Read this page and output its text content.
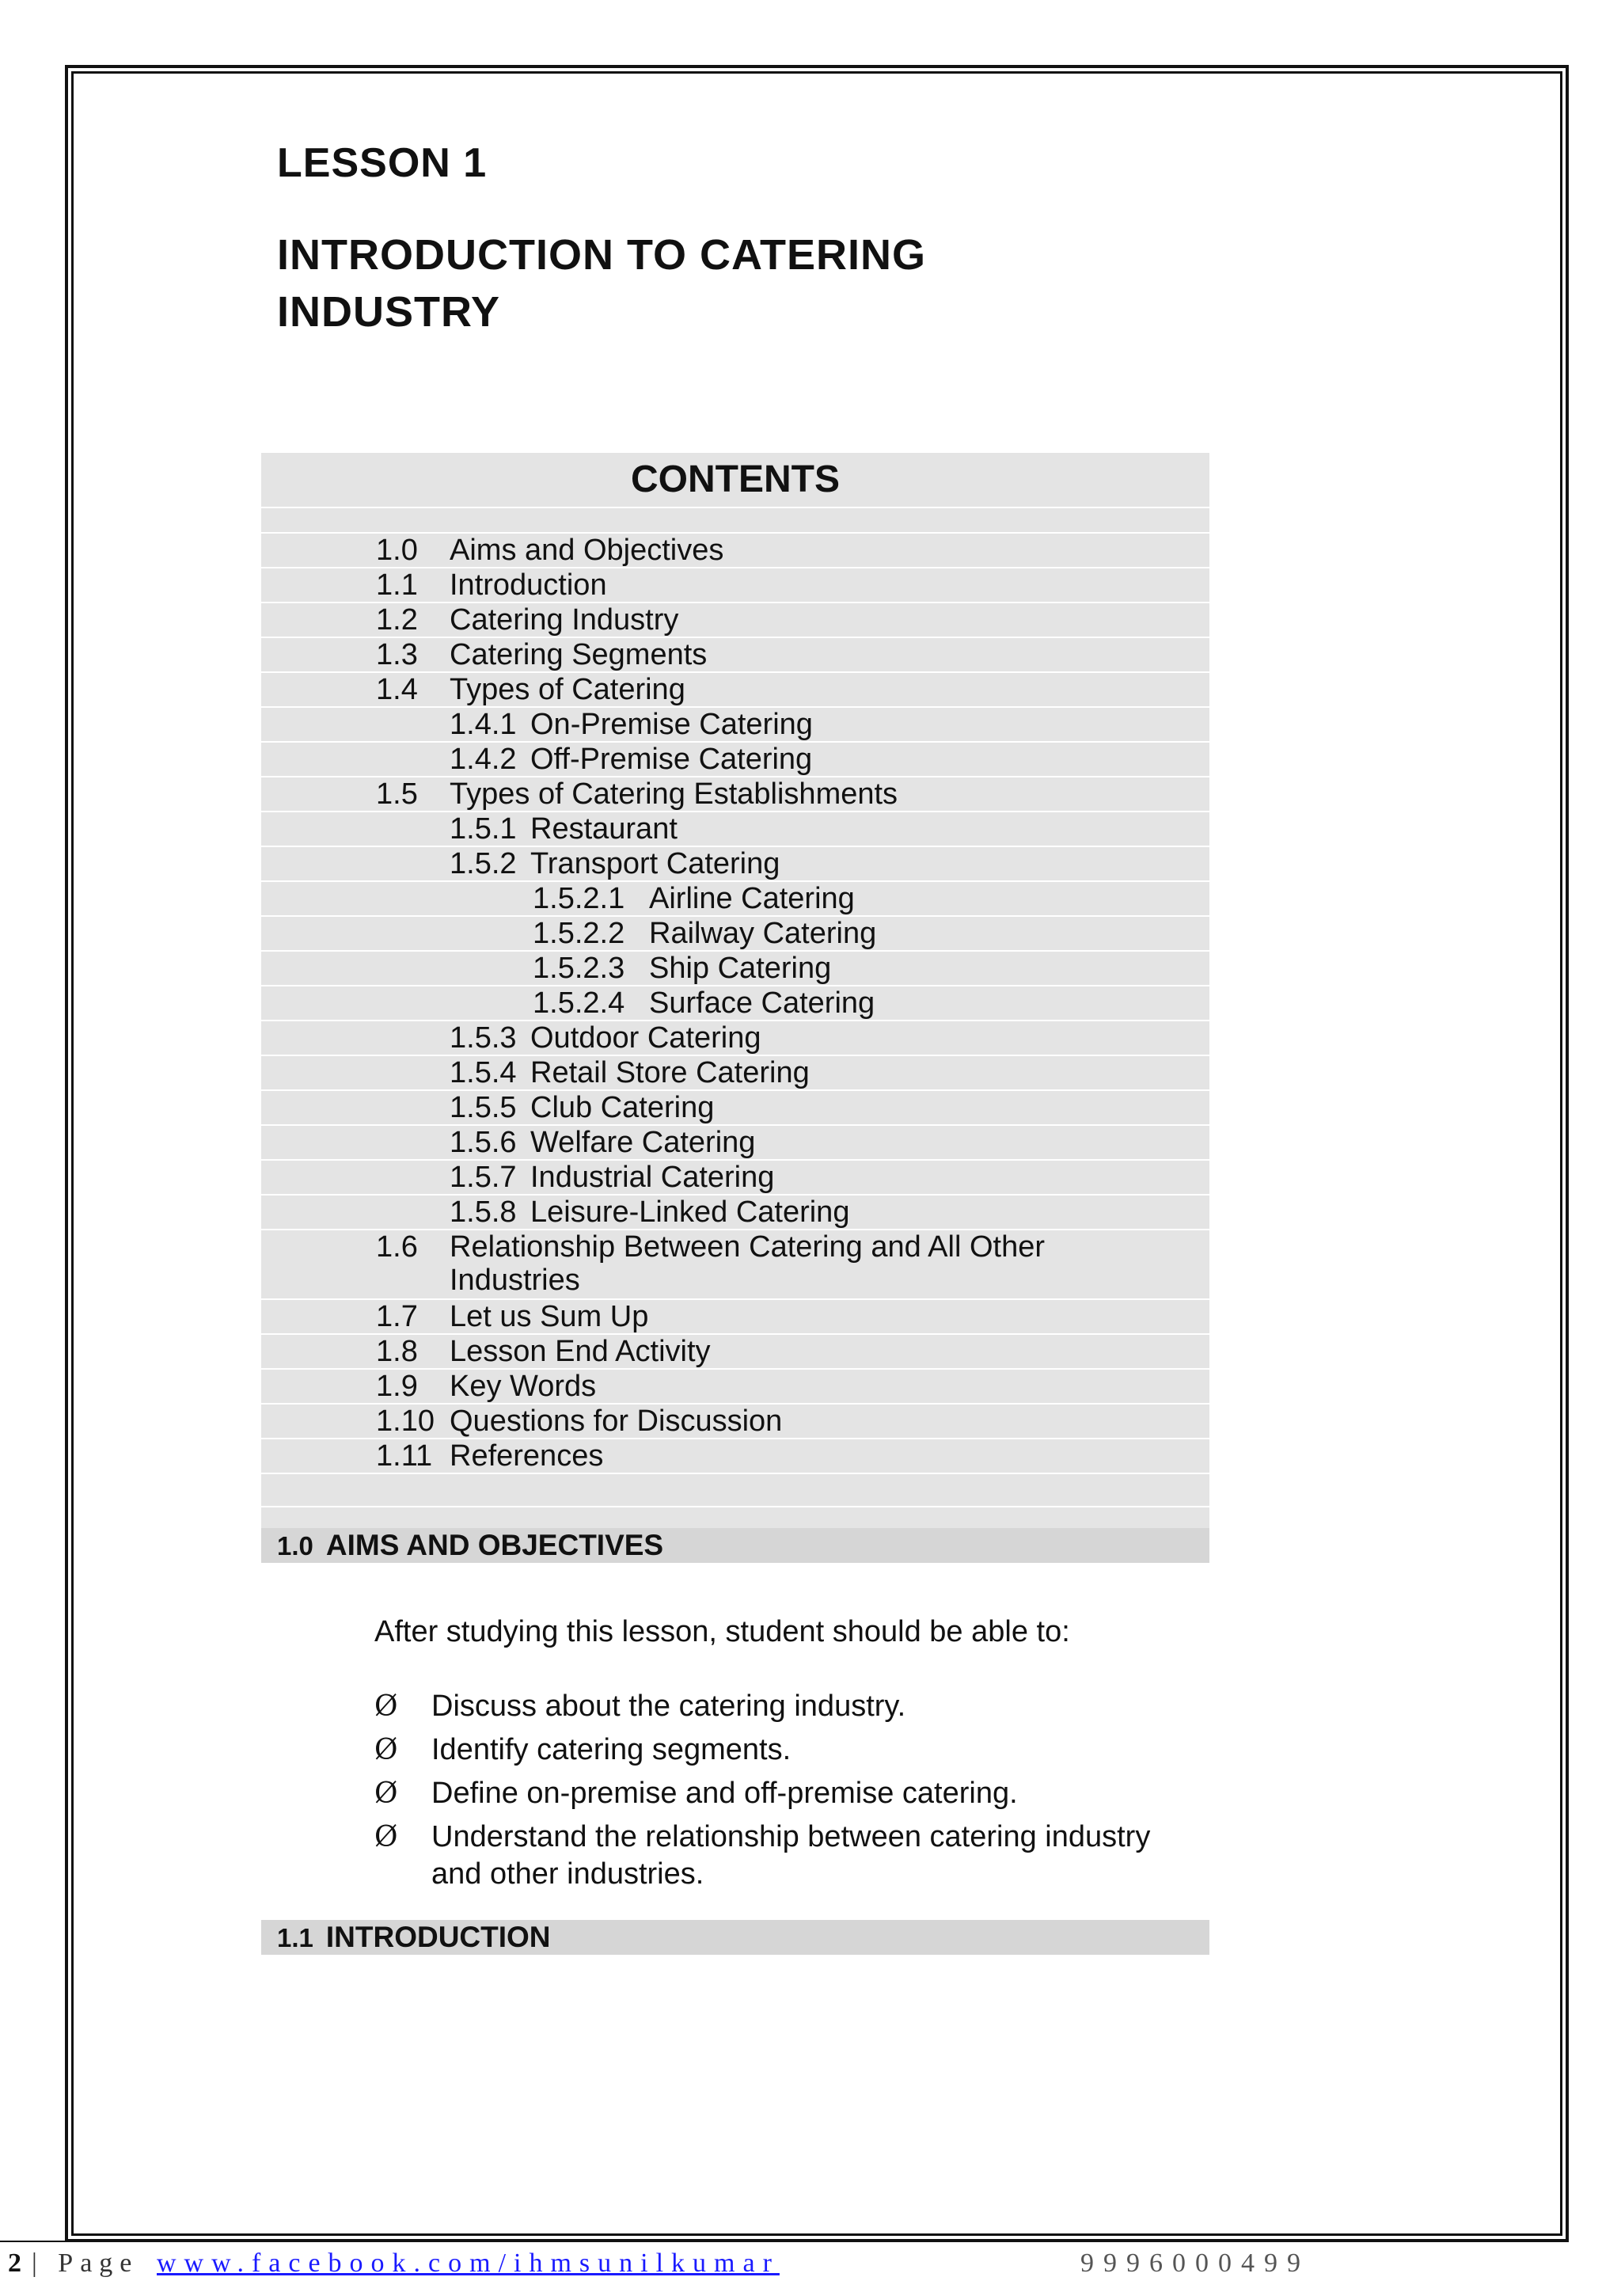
LESSON 1
INTRODUCTION TO CATERING INDUSTRY
CONTENTS
1.0 Aims and Objectives
1.1 Introduction
1.2 Catering Industry
1.3 Catering Segments
1.4 Types of Catering
1.4.1 On-Premise Catering
1.4.2 Off-Premise Catering
1.5 Types of Catering Establishments
1.5.1 Restaurant
1.5.2 Transport Catering
1.5.2.1 Airline Catering
1.5.2.2 Railway Catering
1.5.2.3 Ship Catering
1.5.2.4 Surface Catering
1.5.3 Outdoor Catering
1.5.4 Retail Store Catering
1.5.5 Club Catering
1.5.6 Welfare Catering
1.5.7 Industrial Catering
1.5.8 Leisure-Linked Catering
1.6 Relationship Between Catering and All Other Industries
1.7 Let us Sum Up
1.8 Lesson End Activity
1.9 Key Words
1.10 Questions for Discussion
1.11 References
1.0 AIMS AND OBJECTIVES
After studying this lesson, student should be able to:
Ø	Discuss about the catering industry.
Ø	Identify catering segments.
Ø	Define on-premise and off-premise catering.
Ø	Understand the relationship between catering industry and other industries.
1.1 INTRODUCTION
2 | Page www.facebook.com/ihmsunilkumar	9996000499
